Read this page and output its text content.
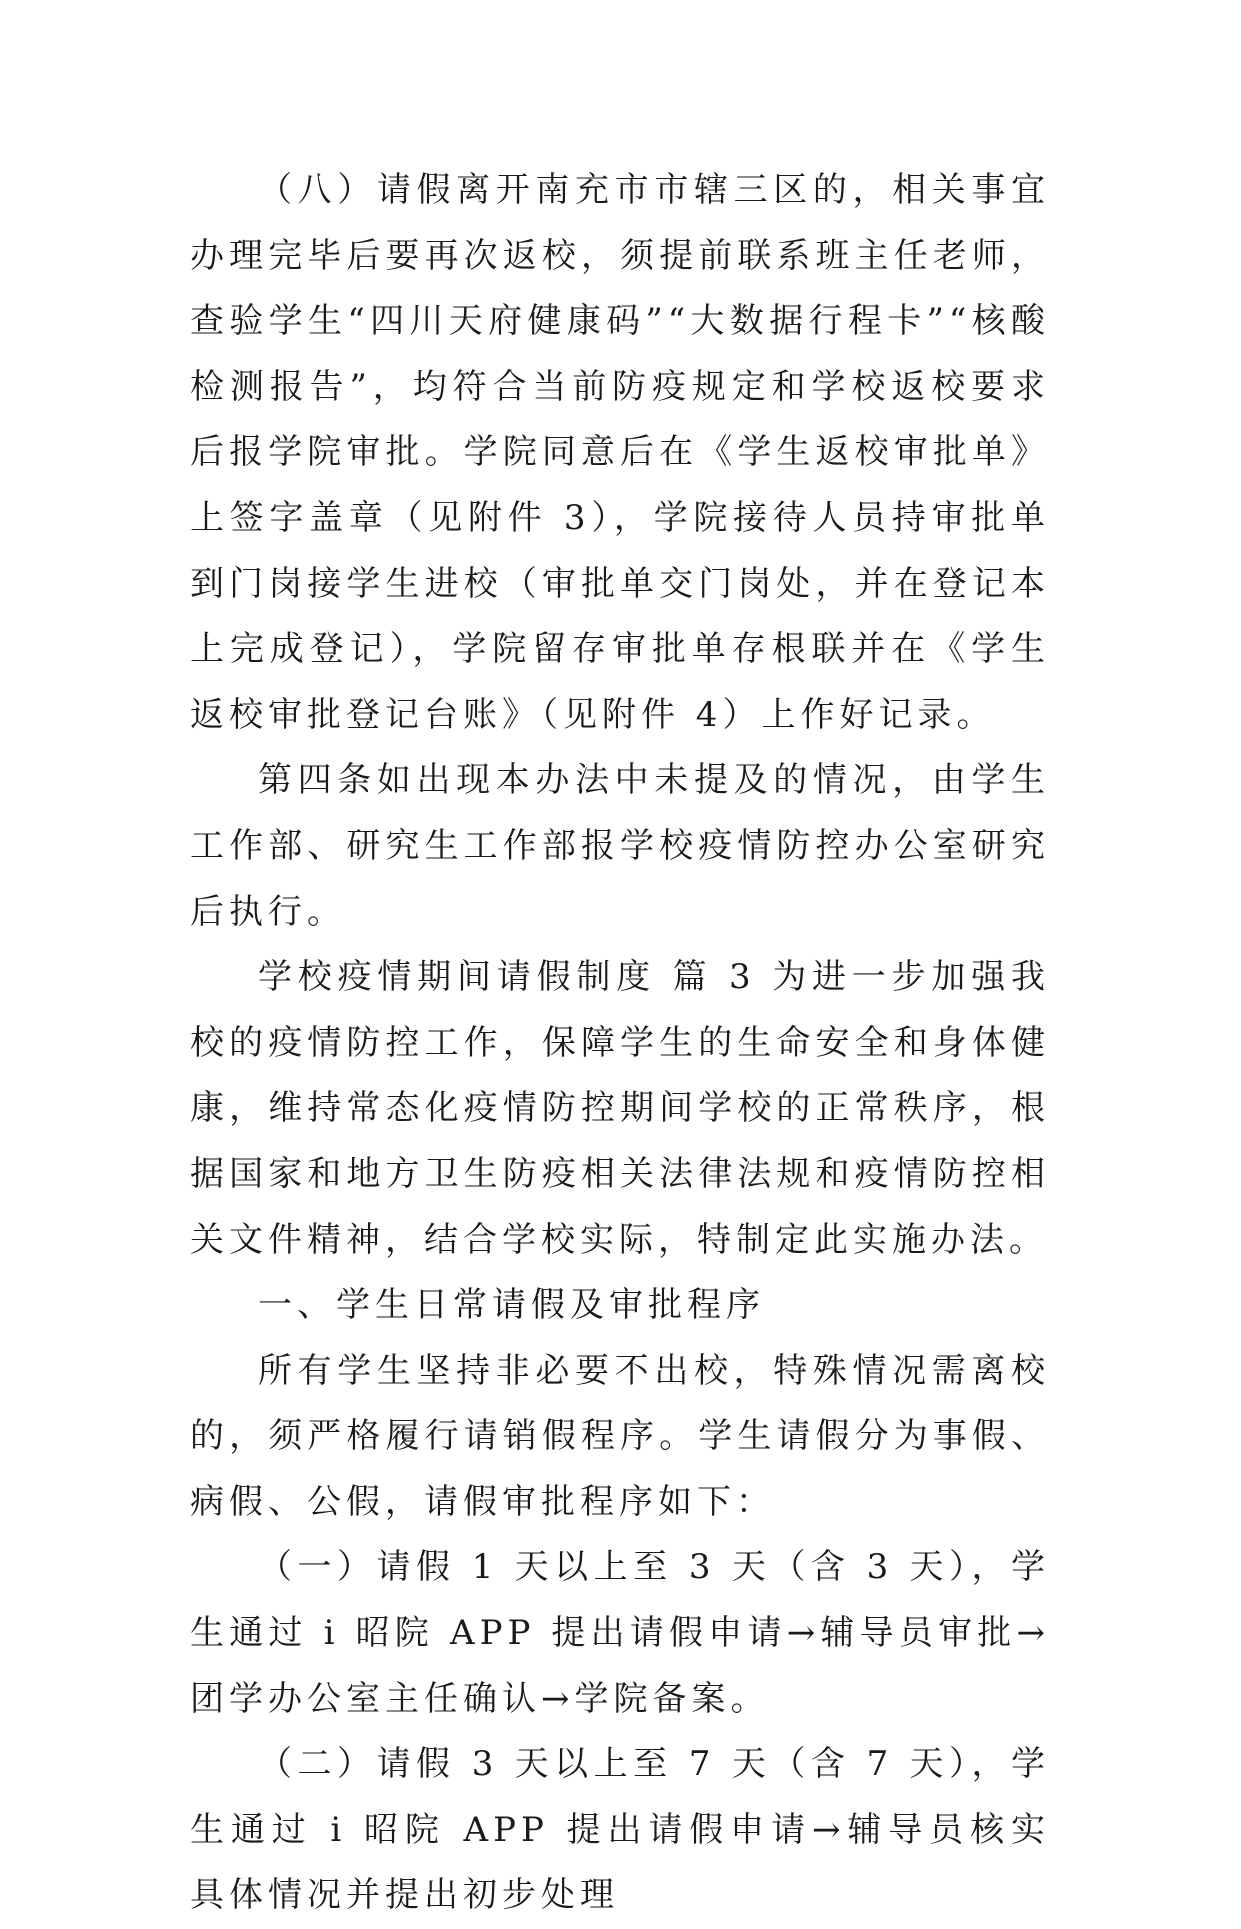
（八）请假离开南充市市辖三区的，相关事宜办理完毕后要再次返校，须提前联系班主任老师，查验学生“四川天府健康码”“大数据行程卡”“核酸检测报告”，均符合当前防疫规定和学校返校要求后报学院审批。学院同意后在《学生返校审批单》上签字盖章（见附件 3），学院接待人员持审批单到门岗接学生进校（审批单交门岗处，并在登记本上完成登记），学院留存审批单存根联并在《学生返校审批登记台账》（见附件 4）上作好记录。

第四条如出现本办法中未提及的情况，由学生工作部、研究生工作部报学校疫情防控办公室研究后执行。

学校疫情期间请假制度 篇 3 为进一步加强我校的疫情防控工作，保障学生的生命安全和身体健康，维持常态化疫情防控期间学校的正常秩序，根据国家和地方卫生防疫相关法律法规和疫情防控相关文件精神，结合学校实际，特制定此实施办法。

一、学生日常请假及审批程序

所有学生坚持非必要不出校，特殊情况需离校的，须严格履行请销假程序。学生请假分为事假、病假、公假，请假审批程序如下：

（一）请假 1 天以上至 3 天（含 3 天），学生通过 i 昭院 APP 提出请假申请→辅导员审批→团学办公室主任确认→学院备案。

（二）请假 3 天以上至 7 天（含 7 天），学生通过 i 昭院 APP 提出请假申请→辅导员核实具体情况并提出初步处理
